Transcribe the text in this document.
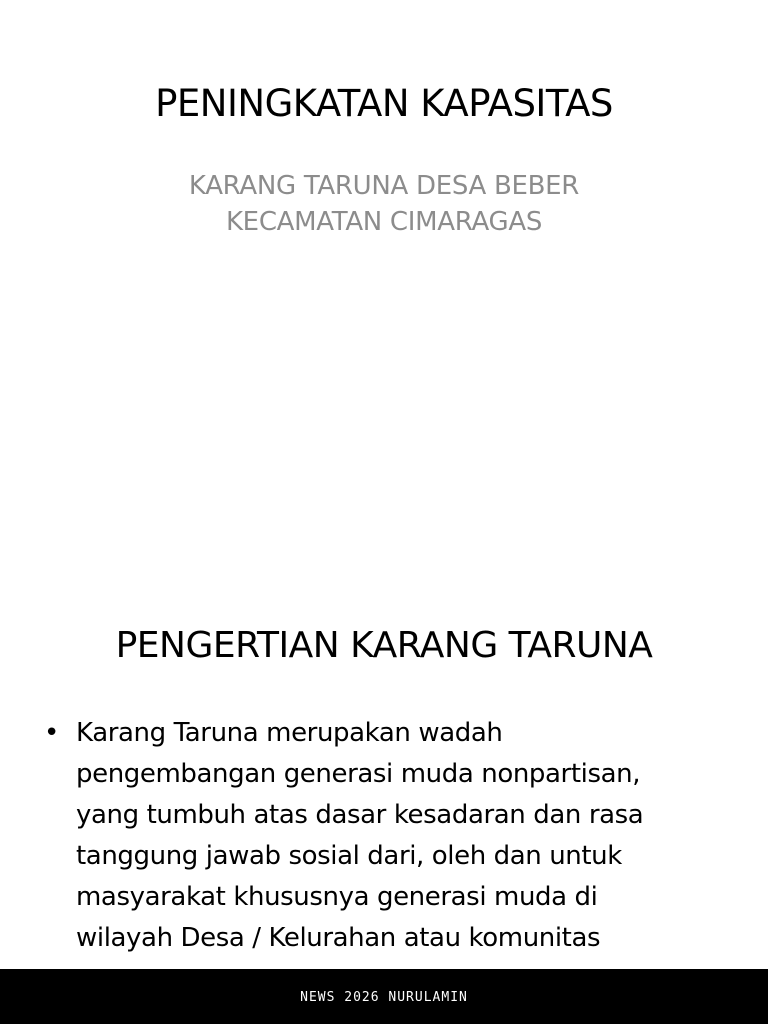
PENINGKATAN KAPASITAS
KARANG TARUNA DESA BEBER
KECAMATAN CIMARAGAS
PENGERTIAN KARANG TARUNA
• Karang Taruna merupakan wadah
pengembangan generasi muda nonpartisan,
yang tumbuh atas dasar kesadaran dan rasa
tanggung jawab sosial dari, oleh dan untuk
masyarakat khususnya generasi muda di
wilayah Desa / Kelurahan atau komunitas
NEWS 2026 NURULAMIN
